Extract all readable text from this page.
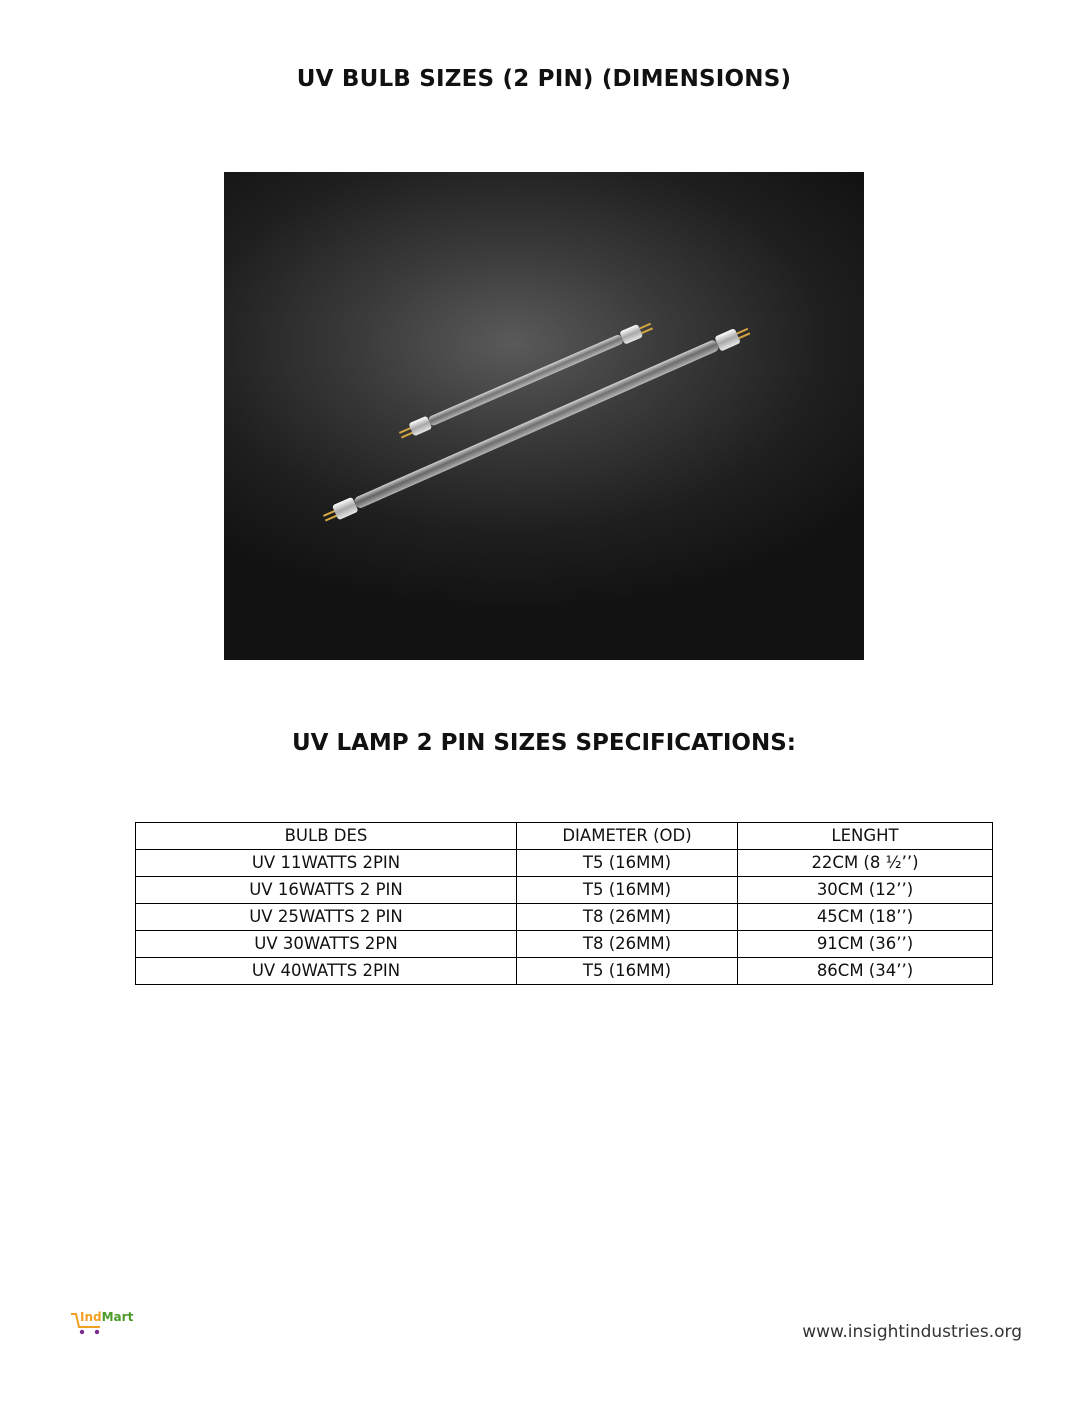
UV BULB SIZES (2 PIN) (DIMENSIONS)
UV LAMP 2 PIN SIZES SPECIFICATIONS:
BULB DES	DIAMETER (OD)	LENGHT
UV 11WATTS 2PIN	T5 (16MM)	22CM (8 ½’’)
UV 16WATTS 2 PIN	T5 (16MM)	30CM (12’’)
UV 25WATTS 2 PIN	T8 (26MM)	45CM (18’’)
UV 30WATTS 2PN	T8 (26MM)	91CM (36’’)
UV 40WATTS 2PIN	T5 (16MM)	86CM (34’’)
IndMart
www.insightindustries.org
